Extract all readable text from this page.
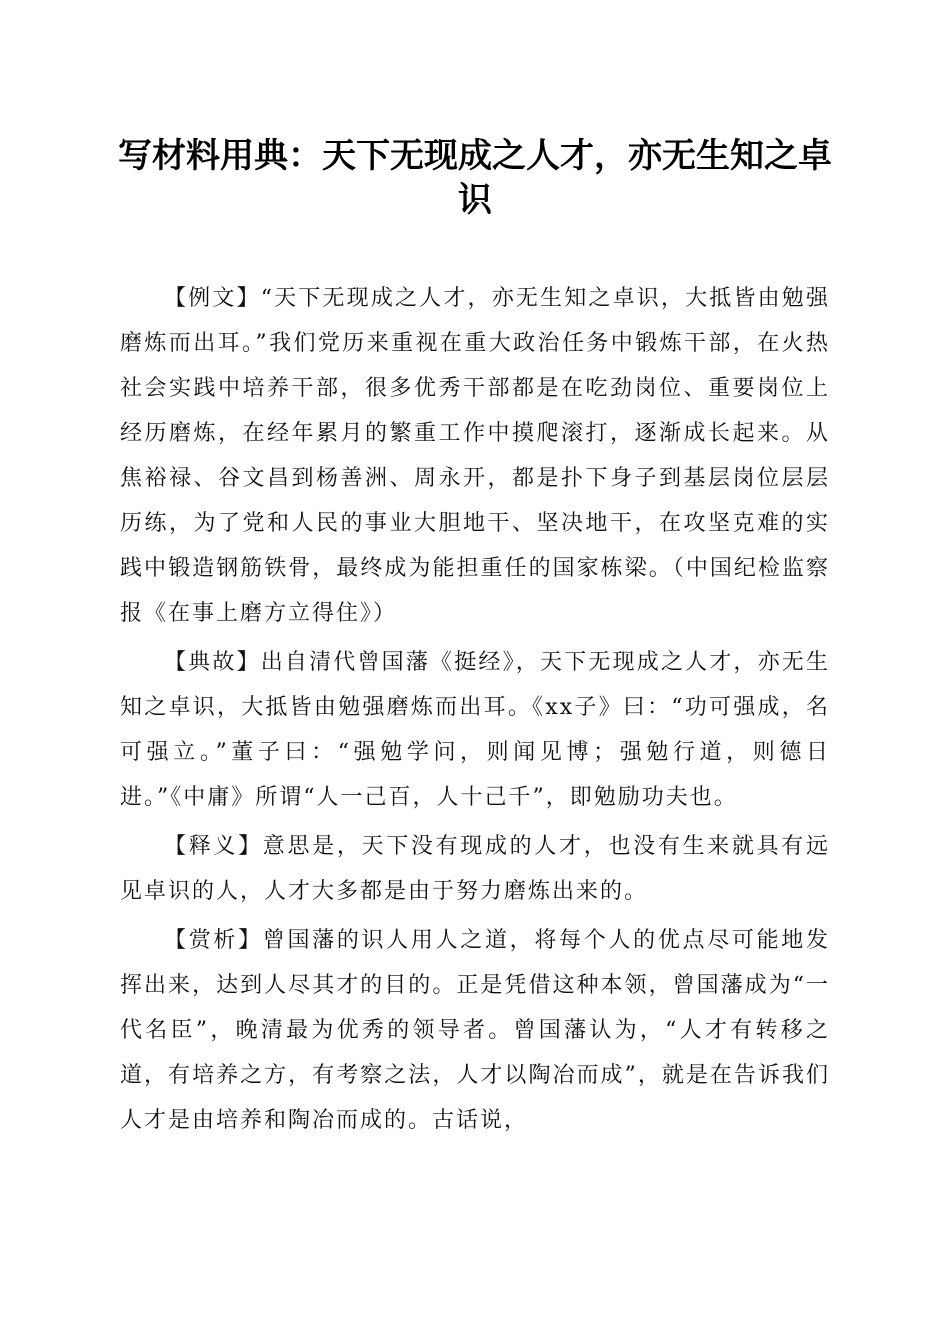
写材料用典：天下无现成之人才，亦无生知之卓识

【例文】“天下无现成之人才，亦无生知之卓识，大抵皆由勉强磨炼而出耳。”我们党历来重视在重大政治任务中锻炼干部，在火热社会实践中培养干部，很多优秀干部都是在吃劲岗位、重要岗位上经历磨炼，在经年累月的繁重工作中摸爬滚打，逐渐成长起来。从焦裕禄、谷文昌到杨善洲、周永开，都是扑下身子到基层岗位层层历练，为了党和人民的事业大胆地干、坚决地干，在攻坚克难的实践中锻造钢筋铁骨，最终成为能担重任的国家栋梁。（中国纪检监察报《在事上磨方立得住》）

【典故】出自清代曾国藩《挺经》，天下无现成之人才，亦无生知之卓识，大抵皆由勉强磨炼而出耳。《xx子》曰：“功可强成，名可强立。”董子曰：“强勉学问，则闻见博；强勉行道，则德日进。”《中庸》所谓“人一己百，人十己千”，即勉励功夫也。

【释义】意思是，天下没有现成的人才，也没有生来就具有远见卓识的人，人才大多都是由于努力磨炼出来的。

【赏析】曾国藩的识人用人之道，将每个人的优点尽可能地发挥出来，达到人尽其才的目的。正是凭借这种本领，曾国藩成为“一代名臣”，晚清最为优秀的领导者。曾国藩认为，“人才有转移之道，有培养之方，有考察之法，人才以陶冶而成”，就是在告诉我们人才是由培养和陶冶而成的。古话说，
